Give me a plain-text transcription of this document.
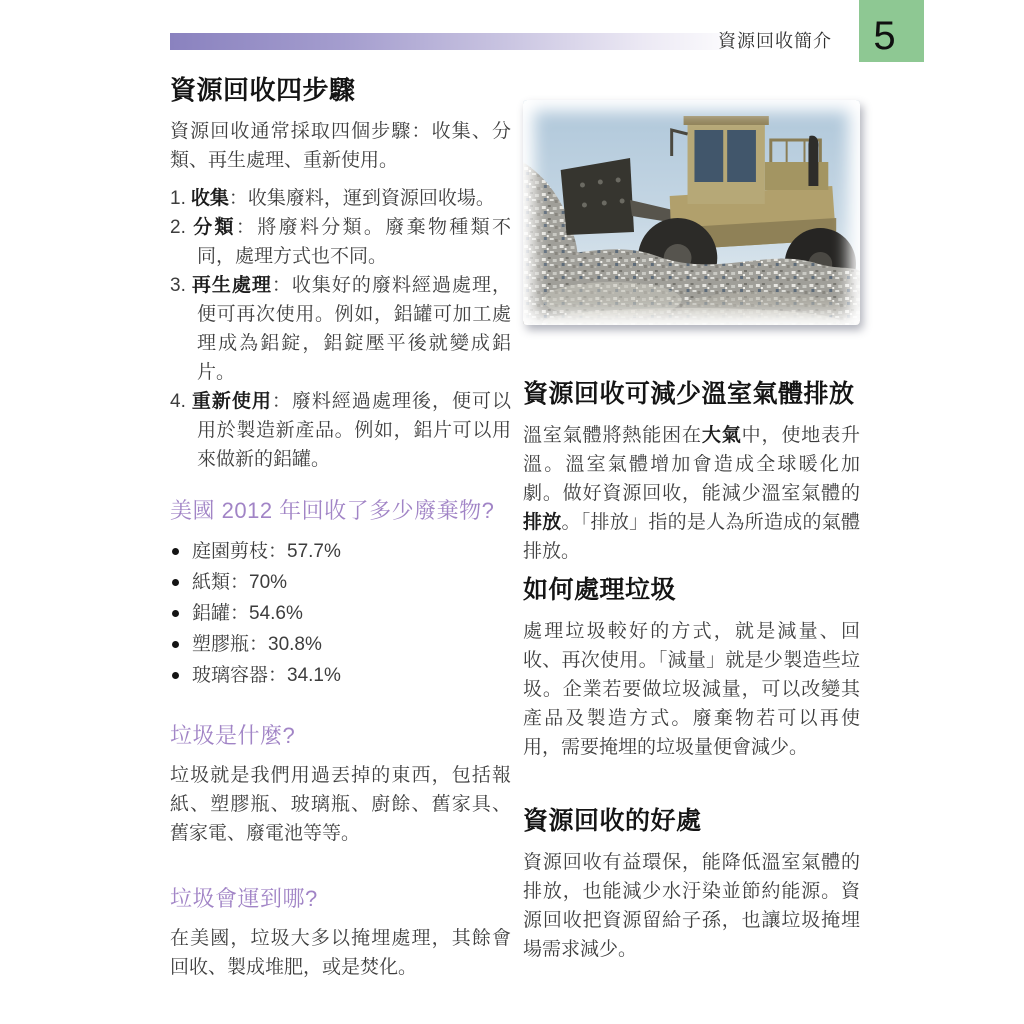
資源回收簡介 5
資源回收四步驟

資源回收通常採取四個步驟：收集、分類、再生處理、重新使用。

1. 收集：收集廢料，運到資源回收場。
2. 分類：將廢料分類。廢棄物種類不同，處理方式也不同。
3. 再生處理：收集好的廢料經過處理，便可再次使用。例如，鋁罐可加工處理成為鋁錠，鋁錠壓平後就變成鋁片。
4. 重新使用：廢料經過處理後，便可以用於製造新產品。例如，鋁片可以用來做新的鋁罐。
美國 2012 年回收了多少廢棄物?
庭園剪枝：57.7%
紙類：70%
鋁罐：54.6%
塑膠瓶：30.8%
玻璃容器：34.1%
垃圾是什麼?

垃圾就是我們用過丟掉的東西，包括報紙、塑膠瓶、玻璃瓶、廚餘、舊家具、舊家電、廢電池等等。

垃圾會運到哪?

在美國，垃圾大多以掩埋處理，其餘會回收、製成堆肥，或是焚化。

資源回收可減少溫室氣體排放

溫室氣體將熱能困在大氣中，使地表升溫。溫室氣體增加會造成全球暖化加劇。做好資源回收，能減少溫室氣體的排放。「排放」指的是人為所造成的氣體排放。

如何處理垃圾

處理垃圾較好的方式，就是減量、回收、再次使用。「減量」就是少製造些垃圾。企業若要做垃圾減量，可以改變其產品及製造方式。廢棄物若可以再使用，需要掩埋的垃圾量便會減少。

資源回收的好處

資源回收有益環保，能降低溫室氣體的排放，也能減少水汙染並節約能源。資源回收把資源留給子孫，也讓垃圾掩埋場需求減少。
